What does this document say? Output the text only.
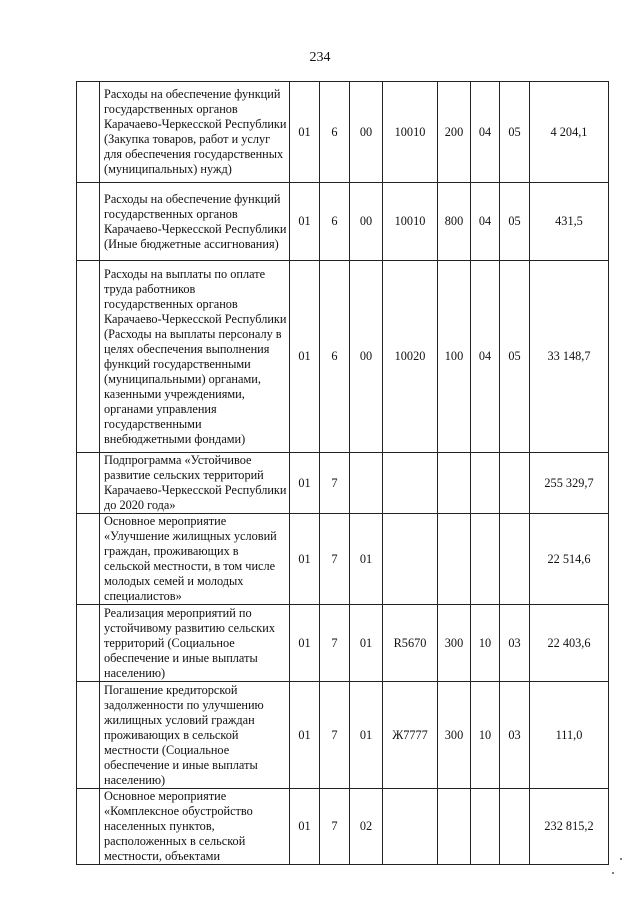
234
	Расходы на обеспечение функций государственных органов Карачаево-Черкесской Республики (Закупка товаров, работ и услуг для обеспечения государственных (муниципальных) нужд)	01	6	00	10010	200	04	05	4 204,1
	Расходы на обеспечение функций государственных органов Карачаево-Черкесской Республики (Иные бюджетные ассигнования)	01	6	00	10010	800	04	05	431,5
	Расходы на выплаты по оплате труда работников государственных органов Карачаево-Черкесской Республики (Расходы на выплаты персоналу в целях обеспечения выполнения функций государственными (муниципальными) органами, казенными учреждениями, органами управления государственными внебюджетными фондами)	01	6	00	10020	100	04	05	33 148,7
	Подпрограмма «Устойчивое развитие сельских территорий Карачаево-Черкесской Республики до 2020 года»	01	7						255 329,7
	Основное мероприятие «Улучшение жилищных условий граждан, проживающих в сельской местности, в том числе молодых семей и молодых специалистов»	01	7	01					22 514,6
	Реализация мероприятий по устойчивому развитию сельских территорий (Социальное обеспечение и иные выплаты населению)	01	7	01	R5670	300	10	03	22 403,6
	Погашение кредиторской задолженности по улучшению жилищных условий граждан проживающих в сельской местности (Социальное обеспечение и иные выплаты населению)	01	7	01	Ж7777	300	10	03	111,0
	Основное мероприятие «Комплексное обустройство населенных пунктов, расположенных в сельской местности, объектами	01	7	02					232 815,2
